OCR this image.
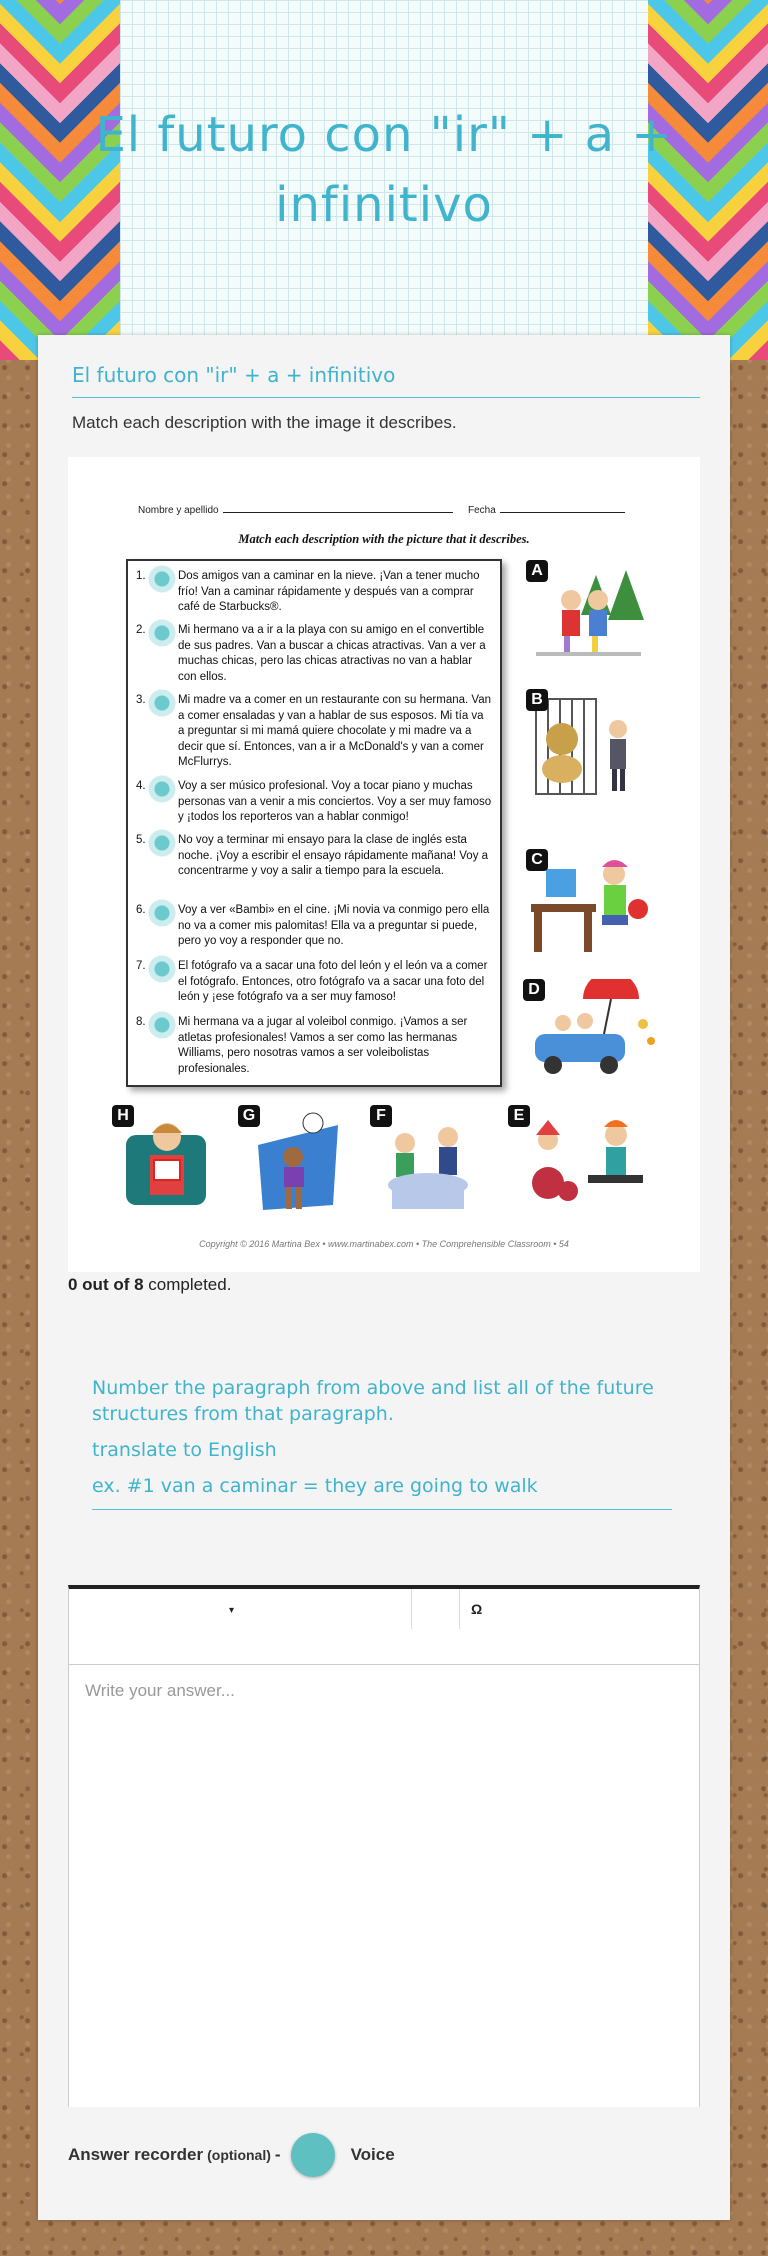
El futuro con "ir" + a + infinitivo
El futuro con "ir" + a + infinitivo
Match each description with the image it describes.
Nombre y apellido	Fecha
Match each description with the picture that it describes.
1.	Dos amigos van a caminar en la nieve. ¡Van a tener mucho frío! Van a caminar rápidamente y después van a comprar café de Starbucks®.
2.	Mi hermano va a ir a la playa con su amigo en el convertible de sus padres. Van a buscar a chicas atractivas. Van a ver a muchas chicas, pero las chicas atractivas no van a hablar con ellos.
3.	Mi madre va a comer en un restaurante con su hermana. Van a comer ensaladas y van a hablar de sus esposos. Mi tía va a preguntar si mi mamá quiere chocolate y mi madre va a decir que sí. Entonces, van a ir a McDonald's y van a comer McFlurrys.
4.	Voy a ser músico profesional. Voy a tocar piano y muchas personas van a venir a mis conciertos. Voy a ser muy famoso y ¡todos los reporteros van a hablar conmigo!
5.	No voy a terminar mi ensayo para la clase de inglés esta noche. ¡Voy a escribir el ensayo rápidamente mañana! Voy a concentrarme y voy a salir a tiempo para la escuela.
6.	Voy a ver «Bambi» en el cine. ¡Mi novia va conmigo pero ella no va a comer mis palomitas! Ella va a preguntar si puede, pero yo voy a responder que no.
7.	El fotógrafo va a sacar una foto del león y el león va a comer el fotógrafo. Entonces, otro fotógrafo va a sacar una foto del león y ¡ese fotógrafo va a ser muy famoso!
8.	Mi hermana va a jugar al voleibol conmigo. ¡Vamos a ser atletas profesionales! Vamos a ser como las hermanas Williams, pero nosotras vamos a ser voleibolistas profesionales.
A
B
C
D
H	G	F	E
Copyright © 2016 Martina Bex • www.martinabex.com • The Comprehensible Classroom • 54
0 out of 8 completed.

Number the paragraph from above and list all of the future structures from that paragraph.

translate to English

ex. #1 van a caminar = they are going to walk

▾	Ω
Write your answer...
Answer recorder (optional) -	Voice
